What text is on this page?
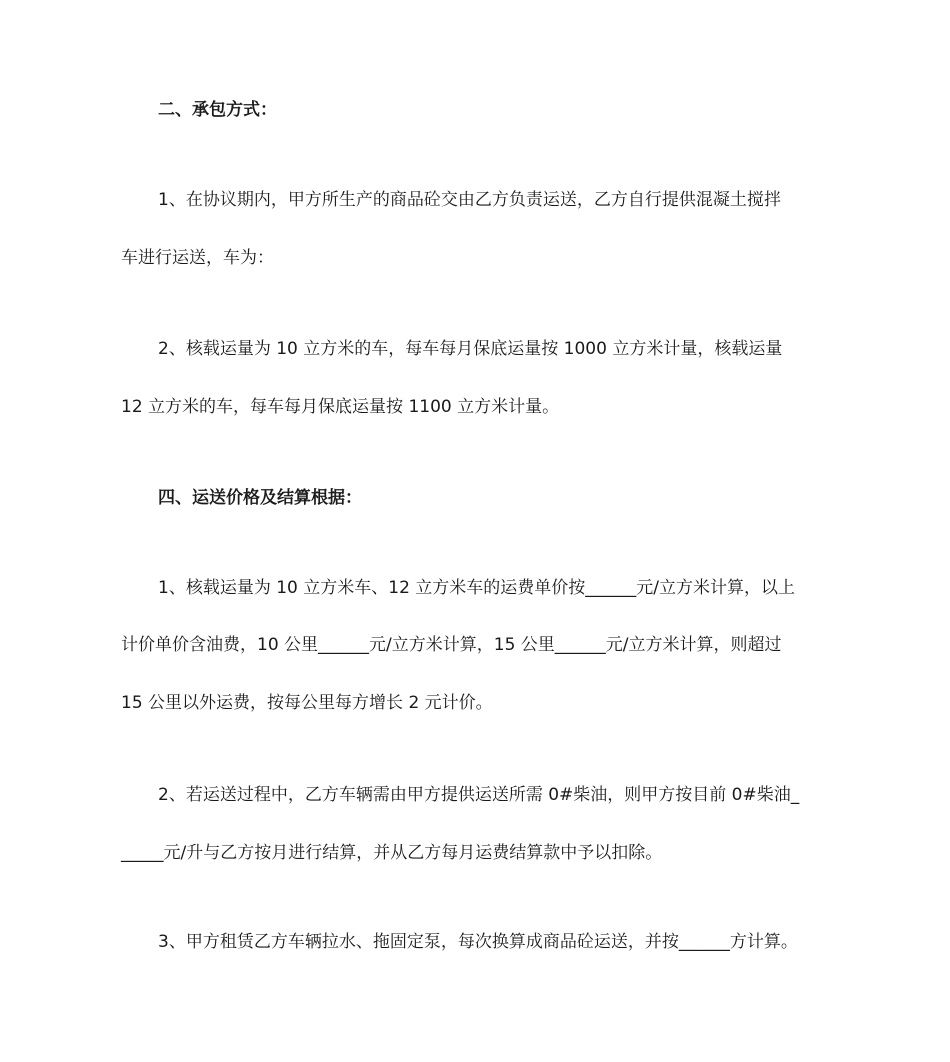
二、承包方式：
1、在协议期内，甲方所生产的商品砼交由乙方负责运送，乙方自行提供混凝土搅拌
车进行运送，车为：
2、核载运量为 10 立方米的车，每车每月保底运量按 1000 立方米计量，核载运量
12 立方米的车，每车每月保底运量按 1100 立方米计量。
四、运送价格及结算根据：
1、核载运量为 10 立方米车、12 立方米车的运费单价按______元/立方米计算，以上
计价单价含油费，10 公里______元/立方米计算，15 公里______元/立方米计算，则超过
15 公里以外运费，按每公里每方增长 2 元计价。
2、若运送过程中，乙方车辆需由甲方提供运送所需 0#柴油，则甲方按目前 0#柴油_
_____元/升与乙方按月进行结算，并从乙方每月运费结算款中予以扣除。
3、甲方租赁乙方车辆拉水、拖固定泵，每次换算成商品砼运送，并按______方计算。
